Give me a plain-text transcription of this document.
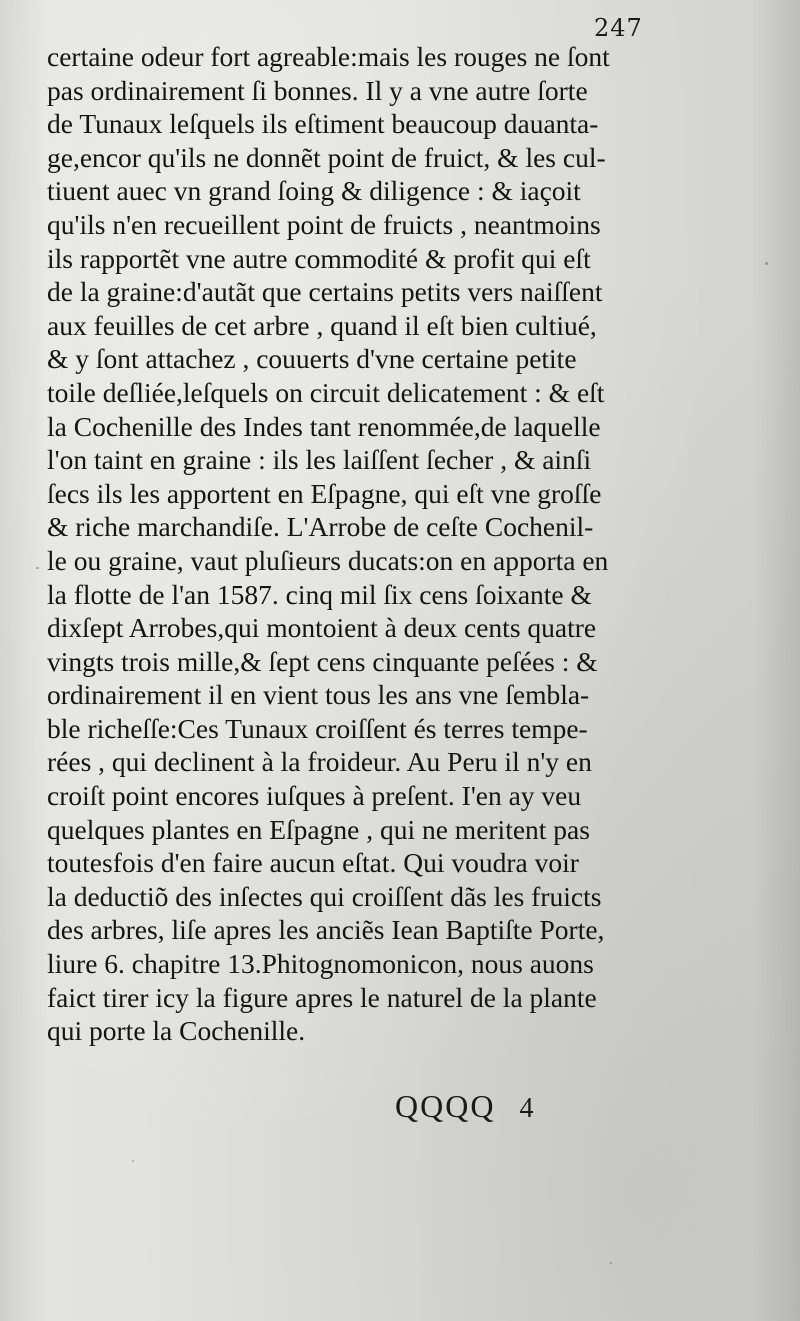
247
certaine odeur fort agreable:mais les rouges ne ſont
pas ordinairement ſi bonnes. Il y a vne autre ſorte
de Tunaux leſquels ils eſtiment beaucoup dauanta-
ge,encor qu'ils ne donnẽt point de fruict, & les cul-
tiuent auec vn grand ſoing & diligence : & iaçoit
qu'ils n'en recueillent point de fruicts , neantmoins
ils rapportẽt vne autre commodité & profit qui eſt
de la graine:d'autãt que certains petits vers naiſſent
aux feuilles de cet arbre , quand il eſt bien cultiué,
& y ſont attachez , couuerts d'vne certaine petite
toile deſliée,leſquels on circuit delicatement : & eſt
la Cochenille des Indes tant renommée,de laquelle
l'on taint en graine : ils les laiſſent ſecher , & ainſi
ſecs ils les apportent en Eſpagne, qui eſt vne groſſe
& riche marchandiſe. L'Arrobe de ceſte Cochenil-
le ou graine, vaut pluſieurs ducats:on en apporta en
la flotte de l'an 1587. cinq mil ſix cens ſoixante &
dixſept Arrobes,qui montoient à deux cents quatre
vingts trois mille,& ſept cens cinquante peſées : &
ordinairement il en vient tous les ans vne ſembla-
ble richeſſe:Ces Tunaux croiſſent és terres tempe-
rées , qui declinent à la froideur. Au Peru il n'y en
croiſt point encores iuſques à preſent. I'en ay veu
quelques plantes en Eſpagne , qui ne meritent pas
toutesfois d'en faire aucun eſtat. Qui voudra voir
la deductiõ des inſectes qui croiſſent dãs les fruicts
des arbres, liſe apres les anciẽs Iean Baptiſte Porte,
liure 6. chapitre 13.Phitognomonicon, nous auons
faict tirer icy la figure apres le naturel de la plante
qui porte la Cochenille.
QQQQ 4
